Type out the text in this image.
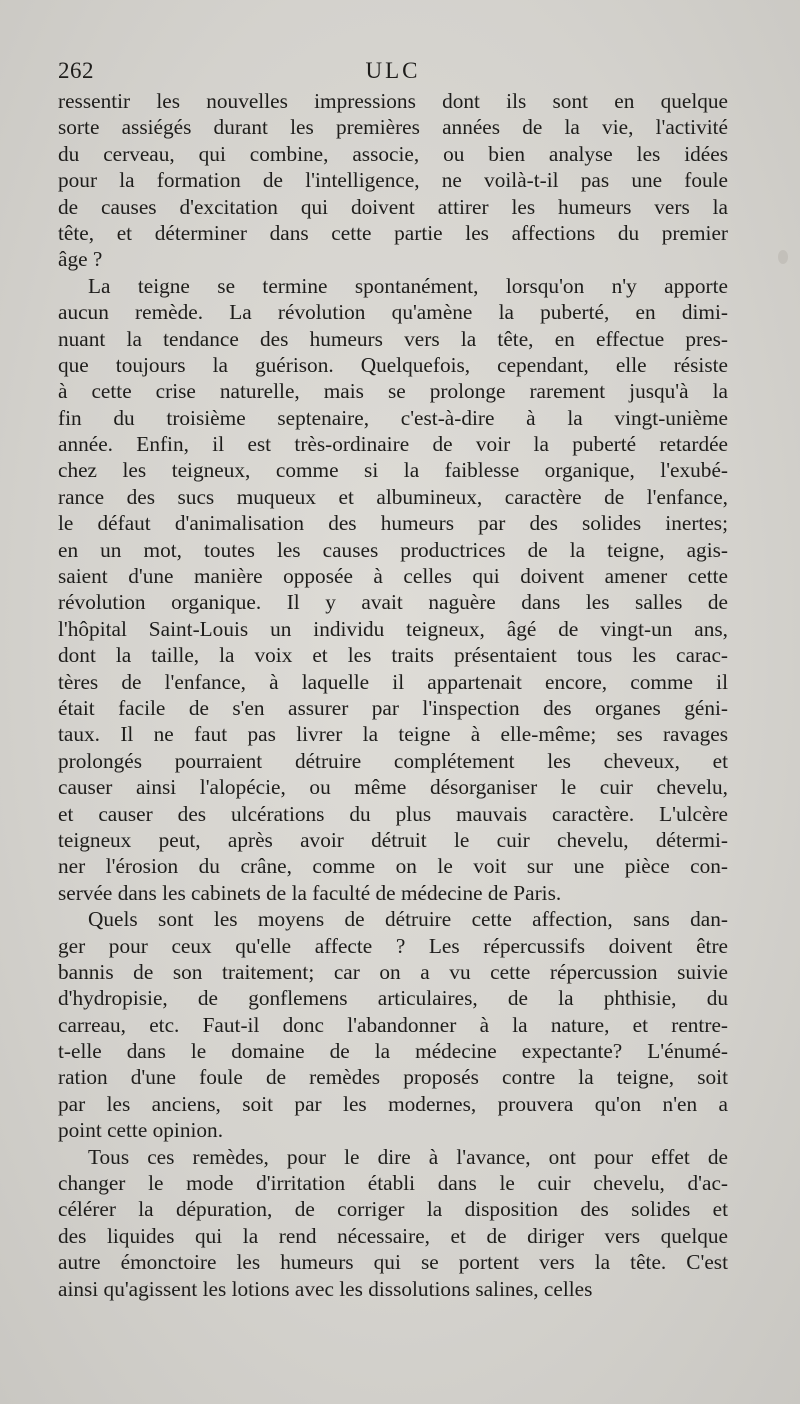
262	ULC
ressentir les nouvelles impressions dont ils sont en quelque
sorte assiégés durant les premières années de la vie, l'activité
du cerveau, qui combine, associe, ou bien analyse les idées
pour la formation de l'intelligence, ne voilà-t-il pas une foule
de causes d'excitation qui doivent attirer les humeurs vers la
tête, et déterminer dans cette partie les affections du premier
âge ?
La teigne se termine spontanément, lorsqu'on n'y apporte
aucun remède. La révolution qu'amène la puberté, en dimi-
nuant la tendance des humeurs vers la tête, en effectue pres-
que toujours la guérison. Quelquefois, cependant, elle résiste
à cette crise naturelle, mais se prolonge rarement jusqu'à la
fin du troisième septenaire, c'est-à-dire à la vingt-unième
année. Enfin, il est très-ordinaire de voir la puberté retardée
chez les teigneux, comme si la faiblesse organique, l'exubé-
rance des sucs muqueux et albumineux, caractère de l'enfance,
le défaut d'animalisation des humeurs par des solides inertes;
en un mot, toutes les causes productrices de la teigne, agis-
saient d'une manière opposée à celles qui doivent amener cette
révolution organique. Il y avait naguère dans les salles de
l'hôpital Saint-Louis un individu teigneux, âgé de vingt-un ans,
dont la taille, la voix et les traits présentaient tous les carac-
tères de l'enfance, à laquelle il appartenait encore, comme il
était facile de s'en assurer par l'inspection des organes géni-
taux. Il ne faut pas livrer la teigne à elle-même; ses ravages
prolongés pourraient détruire complétement les cheveux, et
causer ainsi l'alopécie, ou même désorganiser le cuir chevelu,
et causer des ulcérations du plus mauvais caractère. L'ulcère
teigneux peut, après avoir détruit le cuir chevelu, détermi-
ner l'érosion du crâne, comme on le voit sur une pièce con-
servée dans les cabinets de la faculté de médecine de Paris.
Quels sont les moyens de détruire cette affection, sans dan-
ger pour ceux qu'elle affecte ? Les répercussifs doivent être
bannis de son traitement; car on a vu cette répercussion suivie
d'hydropisie, de gonflemens articulaires, de la phthisie, du
carreau, etc. Faut-il donc l'abandonner à la nature, et rentre-
t-elle dans le domaine de la médecine expectante? L'énumé-
ration d'une foule de remèdes proposés contre la teigne, soit
par les anciens, soit par les modernes, prouvera qu'on n'en a
point cette opinion.
Tous ces remèdes, pour le dire à l'avance, ont pour effet de
changer le mode d'irritation établi dans le cuir chevelu, d'ac-
célérer la dépuration, de corriger la disposition des solides et
des liquides qui la rend nécessaire, et de diriger vers quelque
autre émonctoire les humeurs qui se portent vers la tête. C'est
ainsi qu'agissent les lotions avec les dissolutions salines, celles
